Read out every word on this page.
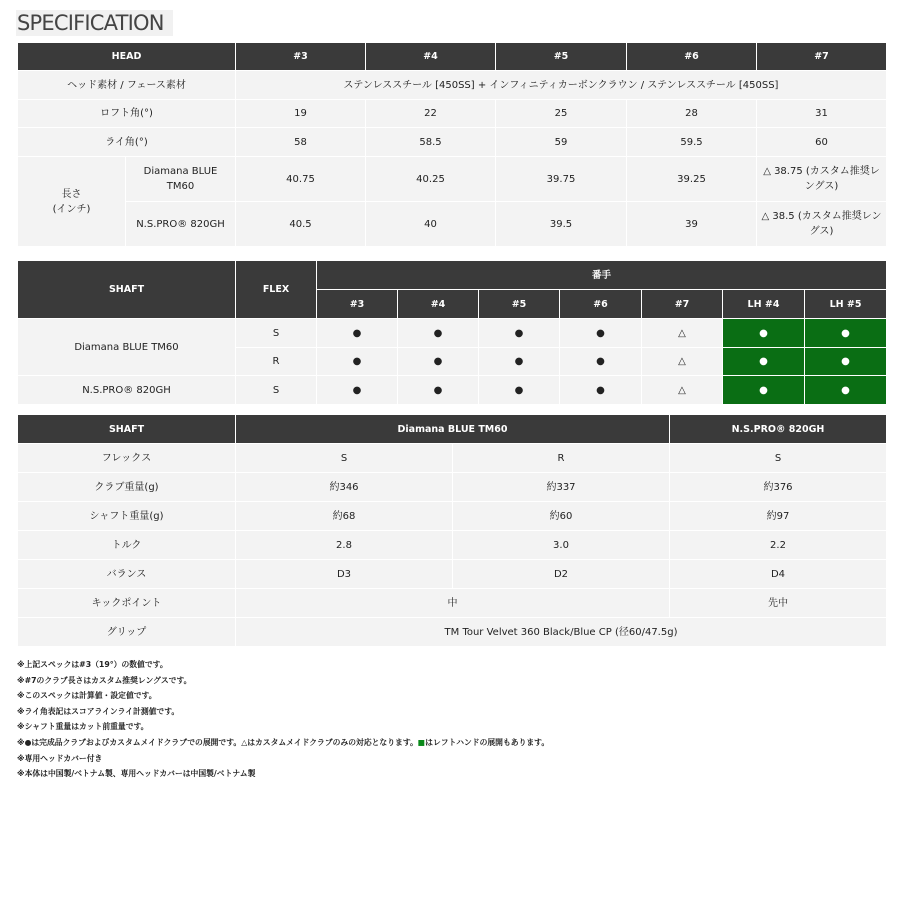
SPECIFICATION
HEAD		#3	#4	#5	#6	#7
ヘッド素材 / フェース素材		ステンレススチール [450SS] + インフィニティカーボンクラウン / ステンレススチール [450SS]				
ロフト角(°)		19	22	25	28	31
ライ角(°)		58	58.5	59	59.5	60
長さ
(インチ)	Diamana BLUE TM60	40.75	40.25	39.75	39.25	△ 38.75 (カスタム推奨レングス)
	N.S.PRO® 820GH	40.5	40	39.5	39	△ 38.5 (カスタム推奨レングス)
SHAFT	FLEX	番手						
		#3	#4	#5	#6	#7	LH #4	LH #5
Diamana BLUE TM60	S	●	●	●	●	△	●	●
	R	●	●	●	●	△	●	●
N.S.PRO® 820GH	S	●	●	●	●	△	●	●
SHAFT	Diamana BLUE TM60		N.S.PRO® 820GH
フレックス	S	R	S
クラブ重量(g)	約346	約337	約376
シャフト重量(g)	約68	約60	約97
トルク	2.8	3.0	2.2
バランス	D3	D2	D4
キックポイント	中		先中
グリップ	TM Tour Velvet 360 Black/Blue CP (径60/47.5g)		
※上記スペックは#3（19°）の数値です。
※#7のクラブ長さはカスタム推奨レングスです。
※このスペックは計算値・設定値です。
※ライ角表記はスコアラインライ計測値です。
※シャフト重量はカット前重量です。
※●は完成品クラブおよびカスタムメイドクラブでの展開です。△はカスタムメイドクラブのみの対応となります。■はレフトハンドの展開もあります。
※専用ヘッドカバー付き
※本体は中国製/ベトナム製、専用ヘッドカバーは中国製/ベトナム製
